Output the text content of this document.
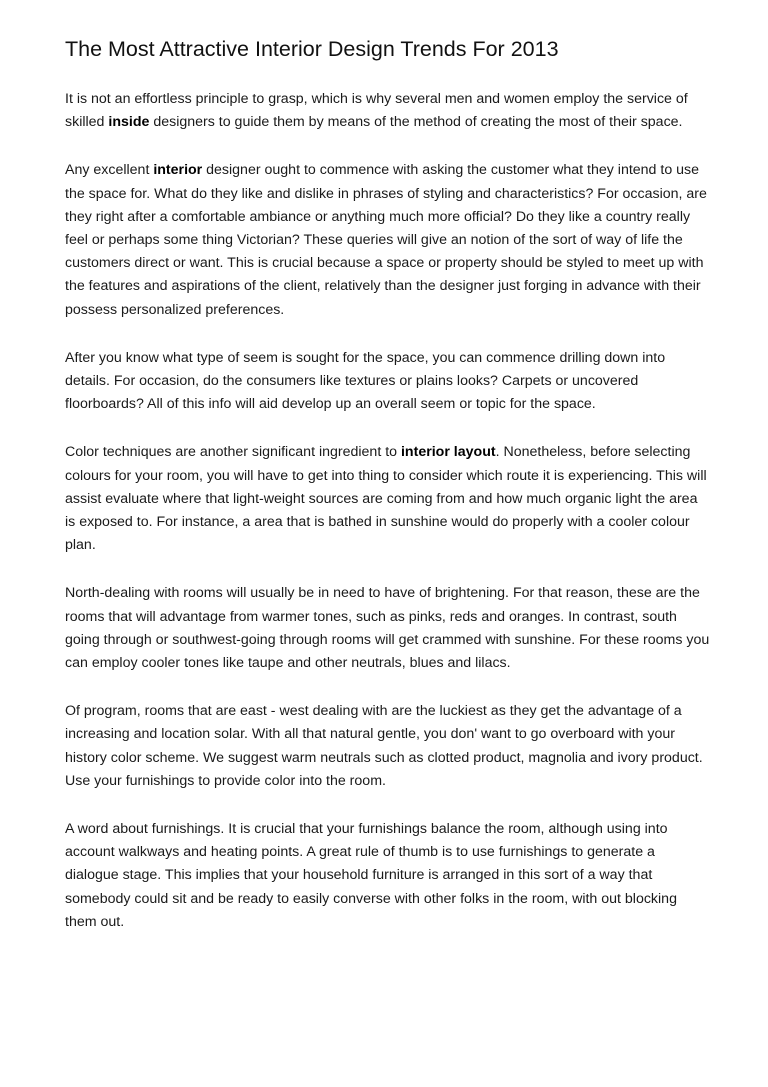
The Most Attractive Interior Design Trends For 2013

It is not an effortless principle to grasp, which is why several men and women employ the service of skilled inside designers to guide them by means of the method of creating the most of their space.

Any excellent interior designer ought to commence with asking the customer what they intend to use the space for. What do they like and dislike in phrases of styling and characteristics? For occasion, are they right after a comfortable ambiance or anything much more official? Do they like a country really feel or perhaps some thing Victorian? These queries will give an notion of the sort of way of life the customers direct or want. This is crucial because a space or property should be styled to meet up with the features and aspirations of the client, relatively than the designer just forging in advance with their possess personalized preferences.

After you know what type of seem is sought for the space, you can commence drilling down into details. For occasion, do the consumers like textures or plains looks? Carpets or uncovered floorboards? All of this info will aid develop up an overall seem or topic for the space.

Color techniques are another significant ingredient to interior layout. Nonetheless, before selecting colours for your room, you will have to get into thing to consider which route it is experiencing. This will assist evaluate where that light-weight sources are coming from and how much organic light the area is exposed to. For instance, a area that is bathed in sunshine would do properly with a cooler colour plan.

North-dealing with rooms will usually be in need to have of brightening. For that reason, these are the rooms that will advantage from warmer tones, such as pinks, reds and oranges. In contrast, south going through or southwest-going through rooms will get crammed with sunshine. For these rooms you can employ cooler tones like taupe and other neutrals, blues and lilacs.

Of program, rooms that are east - west dealing with are the luckiest as they get the advantage of a increasing and location solar. With all that natural gentle, you don' want to go overboard with your history color scheme. We suggest warm neutrals such as clotted product, magnolia and ivory product. Use your furnishings to provide color into the room.

A word about furnishings. It is crucial that your furnishings balance the room, although using into account walkways and heating points. A great rule of thumb is to use furnishings to generate a dialogue stage. This implies that your household furniture is arranged in this sort of a way that somebody could sit and be ready to easily converse with other folks in the room, with out blocking them out.
